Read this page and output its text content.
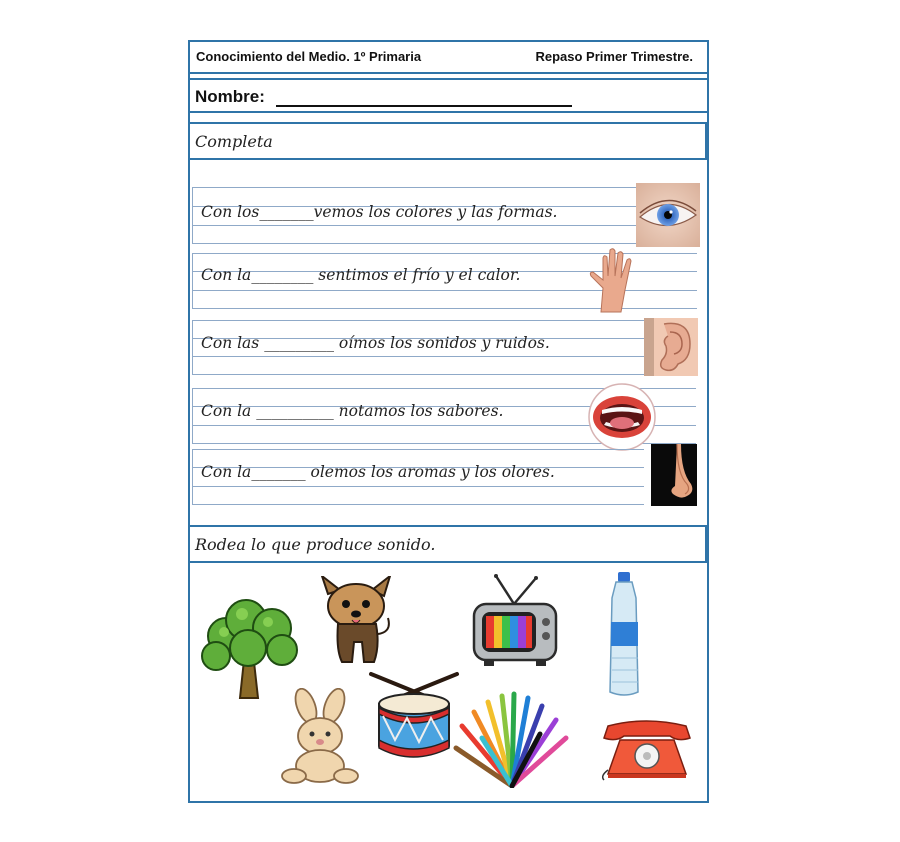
Conocimiento del Medio. 1º Primaria	Repaso Primer Trimestre.
Nombre:
Completa
Con los_______vemos los colores y las formas.
Con la________ sentimos el frío y el calor.
Con las _________ oímos los sonidos y ruidos.
Con la __________ notamos los sabores.
Con la_______ olemos los aromas y los olores.
Rodea lo que produce sonido.
